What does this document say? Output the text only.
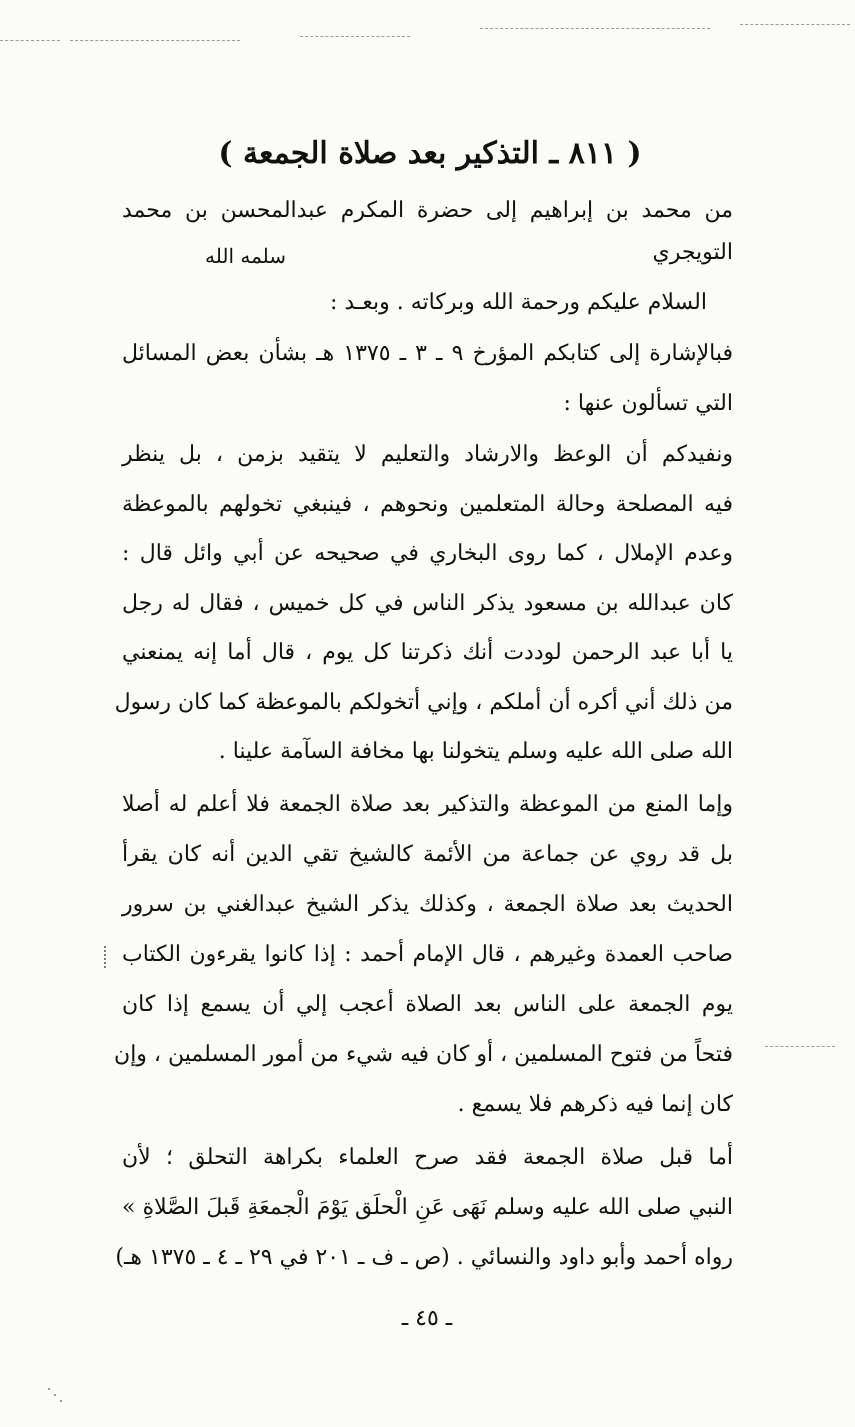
( ٨١١ ـ التذكير بعد صلاة الجمعة )
من محمد بن إبراهيم إلى حضرة المكرم عبدالمحسن بن محمد
التويجري
سلمه الله
السلام عليكم ورحمة الله وبركاته . وبعـد :
فبالإشارة إلى كتابكم المؤرخ ٩ ـ ٣ ـ ١٣٧٥ هـ بشأن بعض المسائل
التي تسألون عنها :
ونفيدكم أن الوعظ والارشاد والتعليم لا يتقيد بزمن ، بل ينظر
فيه المصلحة وحالة المتعلمين ونحوهم ، فينبغي تخولهم بالموعظة
وعدم الإملال ، كما روى البخاري في صحيحه عن أبي وائل قال :
كان عبدالله بن مسعود يذكر الناس في كل خميس ، فقال له رجل
يا أبا عبد الرحمن لوددت أنك ذكرتنا كل يوم ، قال أما إنه يمنعني
من ذلك أني أكره أن أملكم ، وإني أتخولكم بالموعظة كما كان رسول
الله صلى الله عليه وسلم يتخولنا بها مخافة السآمة علينا .
وإما المنع من الموعظة والتذكير بعد صلاة الجمعة فلا أعلم له أصلا
بل قد روي عن جماعة من الأئمة كالشيخ تقي الدين أنه كان يقرأ
الحديث بعد صلاة الجمعة ، وكذلك يذكر الشيخ عبدالغني بن سرور
صاحب العمدة وغيرهم ، قال الإمام أحمد : إذا كانوا يقرءون الكتاب
يوم الجمعة على الناس بعد الصلاة أعجب إلي أن يسمع إذا كان
فتحاً من فتوح المسلمين ، أو كان فيه شيء من أمور المسلمين ، وإن
كان إنما فيه ذكرهم فلا يسمع .
أما قبل صلاة الجمعة فقد صرح العلماء بكراهة التحلق ؛ لأن
النبي صلى الله عليه وسلم نَهَى عَنِ الْحلَق يَوْمَ الْجمعَةِ قَبلَ الصَّلاةِ »
رواه أحمد وأبو داود والنسائي . (ص ـ ف ـ ٢٠١ في ٢٩ ـ ٤ ـ ١٣٧٥ هـ)
ـ ٤٥ ـ
